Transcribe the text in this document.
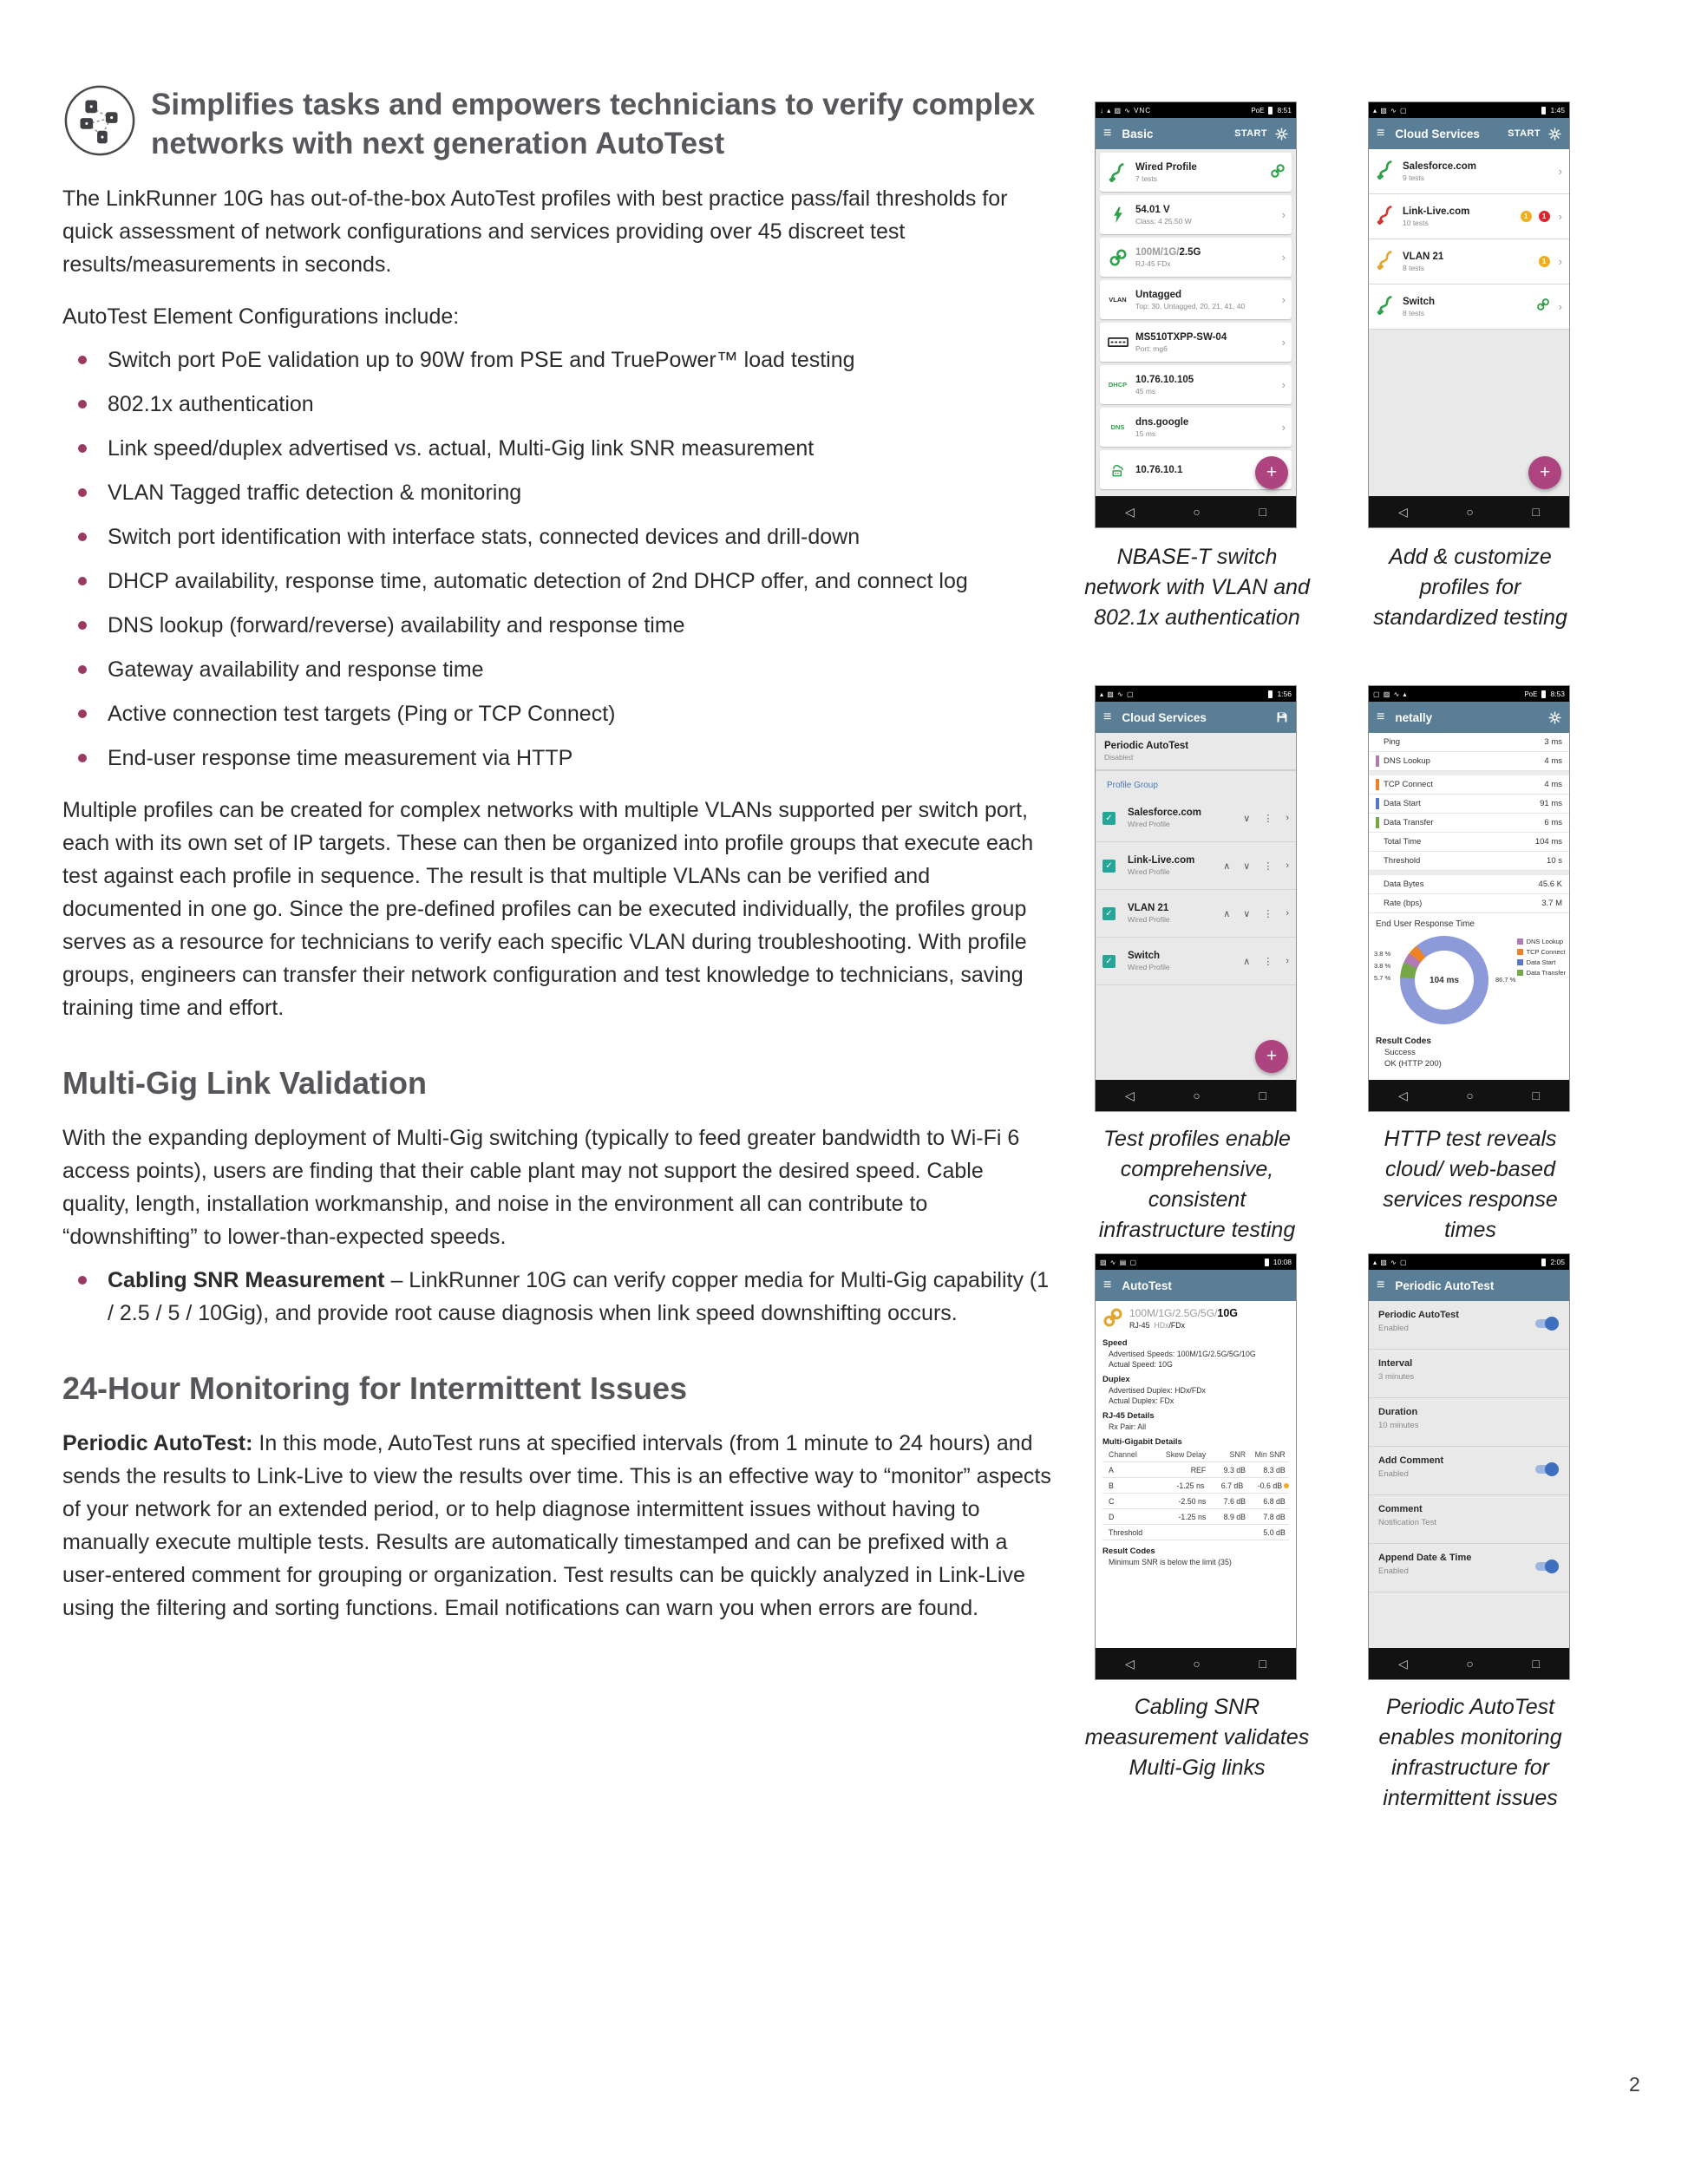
Simplifies tasks and empowers technicians to verify complex networks with next generation AutoTest

The LinkRunner 10G has out-of-the-box AutoTest profiles with best practice pass/fail thresholds for quick assessment of network configurations and services providing over 45 discreet test results/measurements in seconds.

AutoTest Element Configurations include:

Switch port PoE validation up to 90W from PSE and TruePower™ load testing
802.1x authentication
Link speed/duplex advertised vs. actual, Multi-Gig link SNR measurement
VLAN Tagged traffic detection & monitoring
Switch port identification with interface stats, connected devices and drill-down
DHCP availability, response time, automatic detection of 2nd DHCP offer, and connect log
DNS lookup (forward/reverse) availability and response time
Gateway availability and response time
Active connection test targets (Ping or TCP Connect)
End-user response time measurement via HTTP

Multiple profiles can be created for complex networks with multiple VLANs supported per switch port, each with its own set of IP targets. These can then be organized into profile groups that execute each test against each profile in sequence. The result is that multiple VLANs can be verified and documented in one go. Since the pre-defined profiles can be executed individually, the profiles group serves as a resource for technicians to verify each specific VLAN during troubleshooting. With profile groups, engineers can transfer their network configuration and test knowledge to technicians, saving training time and effort.

Multi-Gig Link Validation

With the expanding deployment of Multi-Gig switching (typically to feed greater bandwidth to Wi-Fi 6 access points), users are finding that their cable plant may not support the desired speed. Cable quality, length, installation workmanship, and noise in the environment all can contribute to “downshifting” to lower-than-expected speeds.

Cabling SNR Measurement – LinkRunner 10G can verify copper media for Multi-Gig capability (1 / 2.5 / 5 / 10Gig), and provide root cause diagnosis when link speed downshifting occurs.
24-Hour Monitoring for Intermittent Issues

Periodic AutoTest: In this mode, AutoTest runs at specified intervals (from 1 minute to 24 hours) and sends the results to Link-Live to view the results over time. This is an effective way to “monitor” aspects of your network for an extended period, or to help diagnose intermittent issues without having to manually execute multiple tests. Results are automatically timestamped and can be prefixed with a user-entered comment for grouping or organization. Test results can be quickly analyzed in Link-Live using the filtering and sorting functions. Email notifications can warn you when errors are found.

↓ ▴ ▨ ∿ VNC	PoE 8:51
≡ Basic	START
Wired Profile
7 tests
54.01 V
Class: 4 25.50 W	›
100M/1G/2.5G
RJ-45 FDx	›
VLAN Untagged
Top: 30, Untagged, 20, 21, 41, 40	›
MS510TXPP-SW-04
Port: mg6	›
DHCP 10.76.10.105
45 ms	›
DNS	dns.google
15 ms	›
10.76.10.1	+
◁	○	□
NBASE-T switch network with VLAN and 802.1x authentication
▴ ▨ ∿ ▢	1:45
≡ Cloud Services	START
Salesforce.com
9 tests	›
Link-Live.com
10 tests
1	1	›
VLAN 21
8 tests
1	›
Switch
8 tests	›
+
◁	○	□
Add & customize profiles for standardized testing
▴ ▨ ∿ ▢	1:56
≡ Cloud Services
Periodic AutoTest
Disabled
Profile Group
✓ Salesforce.com
Wired Profile
∨ ⋮ ›
✓ Link-Live.com
Wired Profile
∧ ∨ ⋮ ›
✓ VLAN 21
Wired Profile
∧ ∨ ⋮ ›
✓ Switch
Wired Profile
∧ ⋮ ›
+
◁	○	□
Test profiles enable comprehensive, consistent infrastructure testing
▢ ▨ ∿ ▴	PoE 8:53
≡ netally
Ping	3 ms
DNS Lookup	4 ms
TCP Connect	4 ms
Data Start	91 ms
Data Transfer	6 ms
Total Time	104 ms
Threshold	10 s
Data Bytes	45.6 K
Rate (bps)	3.7 M
End User Response Time
104 ms
3.8 %
3.8 %
5.7 %	86.7 %
DNS Lookup
TCP Connect
Data Start
Data Transfer
Result Codes
Success
OK (HTTP 200)
◁	○	□
HTTP test reveals cloud/ web-based services response times
▨ ∿ ▤ ▢	10:08
≡ AutoTest
100M/1G/2.5G/5G/10G
RJ-45 HDx/FDx
Speed
Advertised Speeds: 100M/1G/2.5G/5G/10G
Actual Speed: 10G
Duplex
Advertised Duplex: HDx/FDx
Actual Duplex: FDx
RJ-45 Details
Rx Pair: All
Multi-Gigabit Details
Channel	Skew Delay	SNR	Min SNR
A	REF	9.3 dB	8.3 dB
B	-1.25 ns	6.7 dB	-0.6 dB
C	-2.50 ns	7.6 dB	6.8 dB
D	-1.25 ns	8.9 dB	7.8 dB
Threshold	5.0 dB
Result Codes
Minimum SNR is below the limit (35)
◁	○	□
Cabling SNR measurement validates Multi-Gig links
▴ ▨ ∿ ▢	2:05
≡ Periodic AutoTest
Periodic AutoTest
Enabled
Interval
3 minutes
Duration
10 minutes
Add Comment
Enabled
Comment
Notification Test
Append Date & Time
Enabled
◁	○	□
Periodic AutoTest enables monitoring infrastructure for intermittent issues
2
